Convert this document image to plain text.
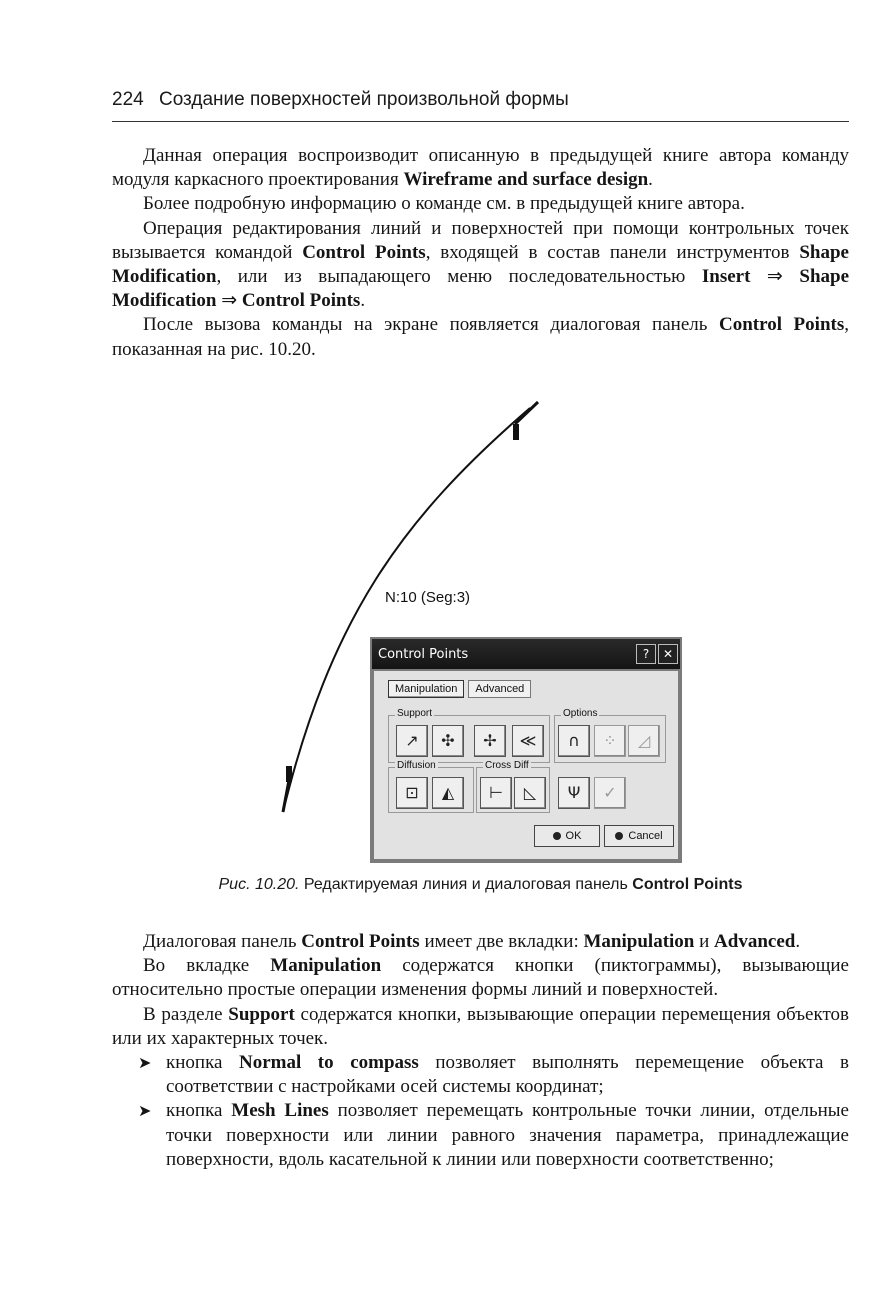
224 Создание поверхностей произвольной формы

Данная операция воспроизводит описанную в предыдущей книге автора команду модуля каркасного проектирования Wireframe and surface design.

Более подробную информацию о команде см. в предыдущей книге автора.

Операция редактирования линий и поверхностей при помощи контрольных точек вызывается командой Control Points, входящей в состав панели инструментов Shape Modification, или из выпадающего меню последовательностью Insert ⇒ Shape Modification ⇒ Control Points.

После вызова команды на экране появляется диалоговая панель Control Points, показанная на рис. 10.20.

N:10 (Seg:3)
Control Points	?	✕
Manipulation Advanced
Support	Options
Diffusion	Cross Diff
↗	✣	✢	≪	∩	⁘	◿
⊡	◭	⊢	◺	Ψ	✓
OK	Cancel
Рис. 10.20. Редактируемая линия и диалоговая панель Control Points

Диалоговая панель Control Points имеет две вкладки: Manipulation и Advanced.

Во вкладке Manipulation содержатся кнопки (пиктограммы), вызывающие относительно простые операции изменения формы линий и поверхностей.

В разделе Support содержатся кнопки, вызывающие операции перемещения объектов или их характерных точек.

➤ кнопка Normal to compass позволяет выполнять перемещение объекта в соответствии с настройками осей системы координат;
➤ кнопка Mesh Lines позволяет перемещать контрольные точки линии, отдельные точки поверхности или линии равного значения параметра, принадлежащие поверхности, вдоль касательной к линии или поверхности соответственно;
